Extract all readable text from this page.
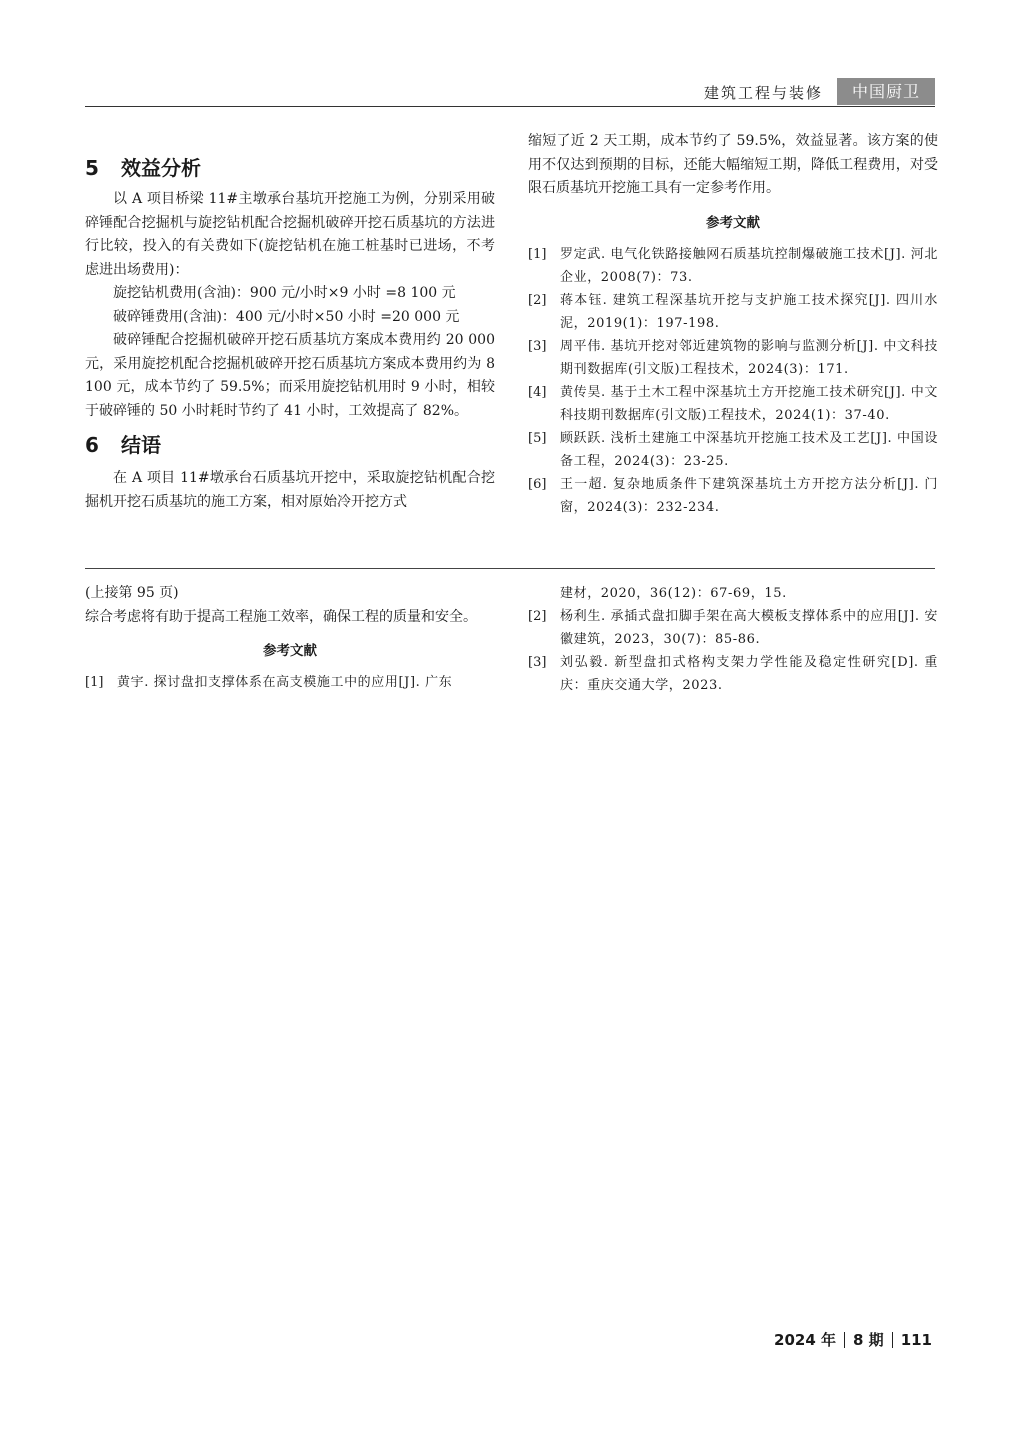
建筑工程与装修	中国厨卫
5 效益分析

以 A 项目桥梁 11#主墩承台基坑开挖施工为例，分别采用破碎锤配合挖掘机与旋挖钻机配合挖掘机破碎开挖石质基坑的方法进行比较，投入的有关费如下(旋挖钻机在施工桩基时已进场，不考虑进出场费用)：

旋挖钻机费用(含油)：900 元/小时×9 小时 =8 100 元

破碎锤费用(含油)：400 元/小时×50 小时 =20 000 元

破碎锤配合挖掘机破碎开挖石质基坑方案成本费用约 20 000 元，采用旋挖机配合挖掘机破碎开挖石质基坑方案成本费用约为 8 100 元，成本节约了 59.5%；而采用旋挖钻机用时 9 小时，相较于破碎锤的 50 小时耗时节约了 41 小时，工效提高了 82%。

6 结语

在 A 项目 11#墩承台石质基坑开挖中，采取旋挖钻机配合挖掘机开挖石质基坑的施工方案，相对原始冷开挖方式

缩短了近 2 天工期，成本节约了 59.5%，效益显著。该方案的使用不仅达到预期的目标，还能大幅缩短工期，降低工程费用，对受限石质基坑开挖施工具有一定参考作用。

参考文献
[1]	罗定武. 电气化铁路接触网石质基坑控制爆破施工技术[J]. 河北企业，2008(7)：73.
[2]	蒋本钰. 建筑工程深基坑开挖与支护施工技术探究[J]. 四川水泥，2019(1)：197-198.
[3]	周平伟. 基坑开挖对邻近建筑物的影响与监测分析[J]. 中文科技期刊数据库(引文版)工程技术，2024(3)：171.
[4]	黄传昊. 基于土木工程中深基坑土方开挖施工技术研究[J]. 中文科技期刊数据库(引文版)工程技术，2024(1)：37-40.
[5]	顾跃跃. 浅析土建施工中深基坑开挖施工技术及工艺[J]. 中国设备工程，2024(3)：23-25.
[6]	王一超. 复杂地质条件下建筑深基坑土方开挖方法分析[J]. 门窗，2024(3)：232-234.

(上接第 95 页)

综合考虑将有助于提高工程施工效率，确保工程的质量和安全。

参考文献
[1]	黄宇. 探讨盘扣支撑体系在高支模施工中的应用[J]. 广东
建材，2020，36(12)：67-69，15.
[2]	杨利生. 承插式盘扣脚手架在高大模板支撑体系中的应用[J]. 安徽建筑，2023，30(7)：85-86.
[3]	刘弘毅. 新型盘扣式格构支架力学性能及稳定性研究[D]. 重庆：重庆交通大学，2023.
2024 年 8 期 111
